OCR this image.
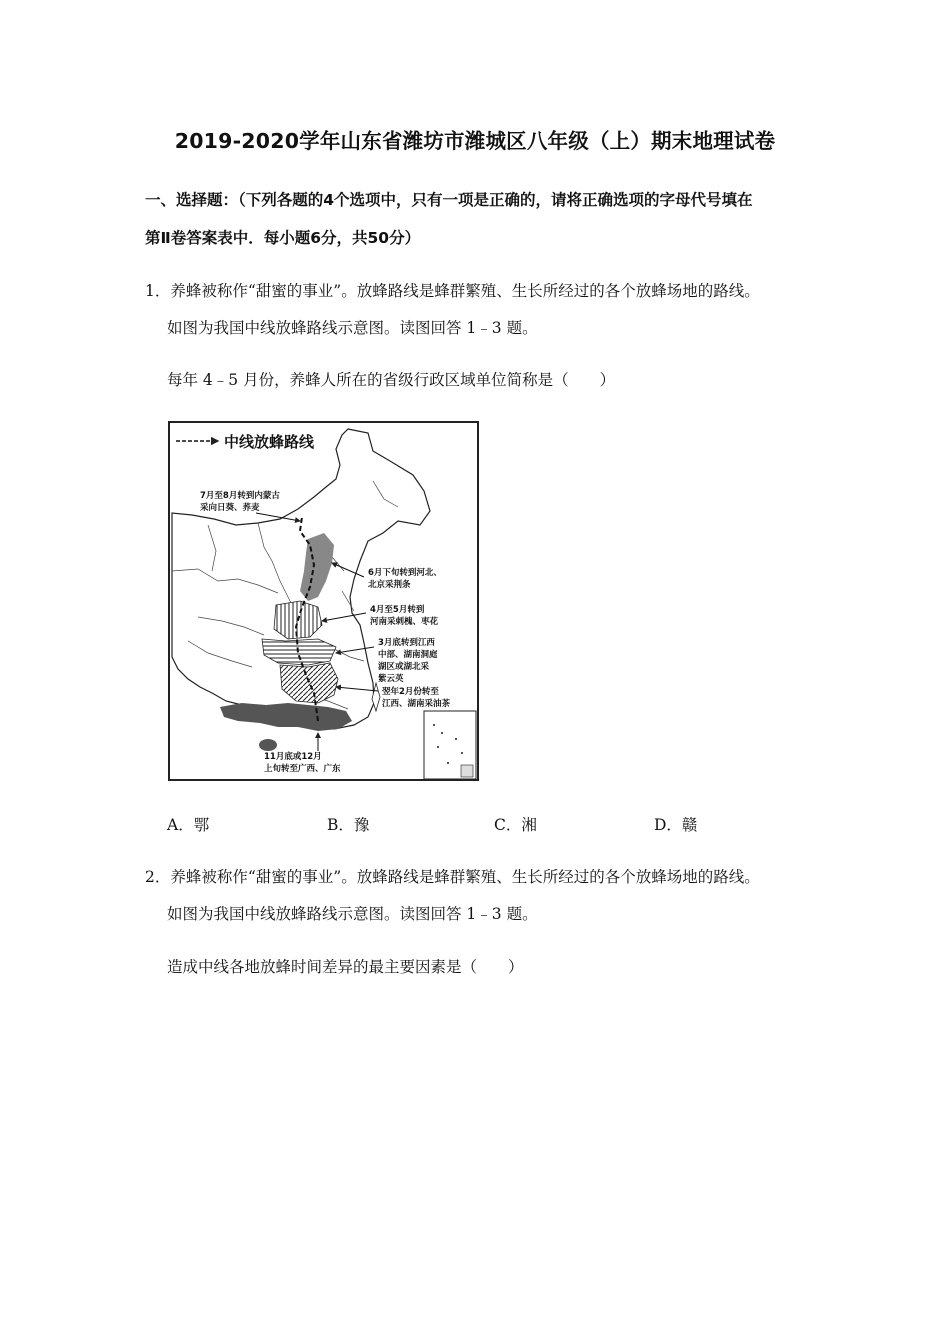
2019-2020学年山东省潍坊市潍城区八年级（上）期末地理试卷
一、选择题：（下列各题的4个选项中，只有一项是正确的，请将正确选项的字母代号填在
第Ⅱ卷答案表中．每小题6分，共50分）
1．养蜂被称作“甜蜜的事业”。放蜂路线是蜂群繁殖、生长所经过的各个放蜂场地的路线。
如图为我国中线放蜂路线示意图。读图回答 1﹣3 题。
每年 4﹣5 月份，养蜂人所在的省级行政区域单位简称是（　　）
中线放蜂路线
7月至8月转到内蒙古
采向日葵、荞麦
6月下旬转到河北、
北京采荆条
4月至5月转到
河南采刺槐、枣花
3月底转到江西
中部、湖南洞庭
湖区或湖北采
紫云英
翌年2月份转至
江西、湖南采油茶
11月底或12月
上旬转至广西、广东
A．鄂	B．豫	C．湘	D．赣
2．养蜂被称作“甜蜜的事业”。放蜂路线是蜂群繁殖、生长所经过的各个放蜂场地的路线。
如图为我国中线放蜂路线示意图。读图回答 1﹣3 题。
造成中线各地放蜂时间差异的最主要因素是（　　）
